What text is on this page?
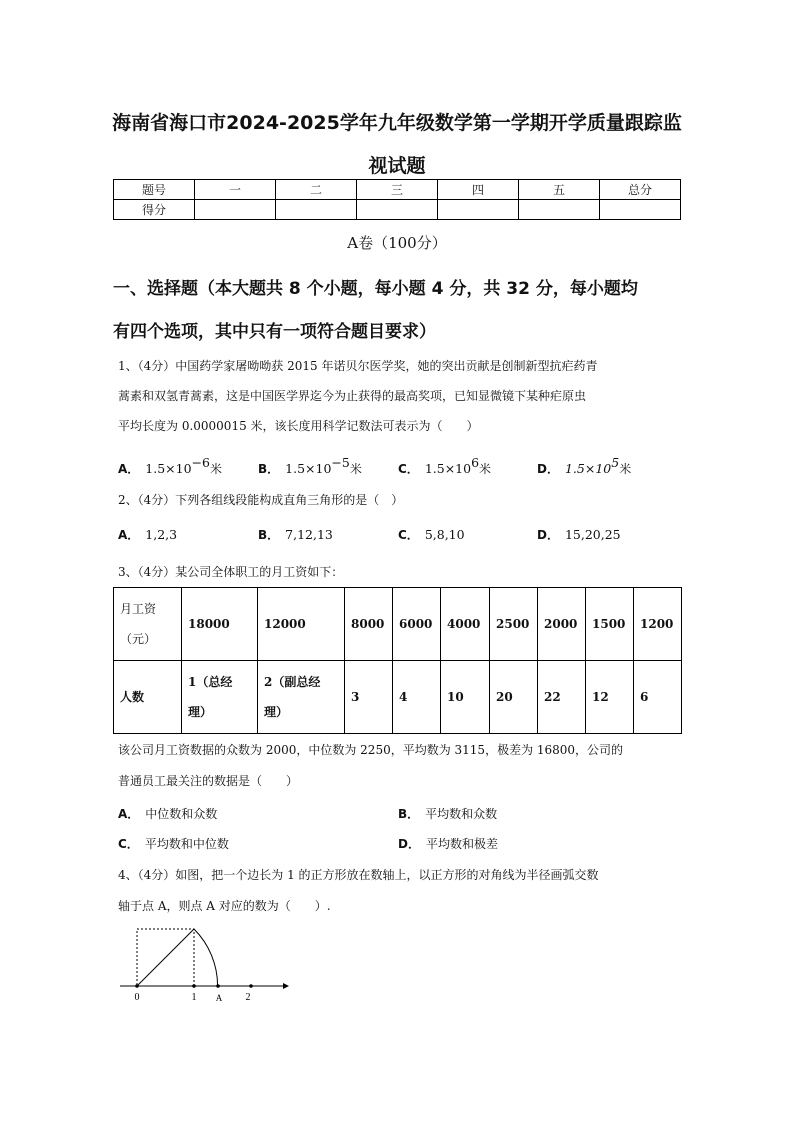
海南省海口市2024-2025学年九年级数学第一学期开学质量跟踪监
视试题
题号	一	二	三	四	五	总分
得分						
A卷（100分）
一、选择题（本大题共 8 个小题，每小题 4 分，共 32 分，每小题均
有四个选项，其中只有一项符合题目要求）
1、（4分）中国药学家屠呦呦获 2015 年诺贝尔医学奖，她的突出贡献是创制新型抗疟药青
蒿素和双氢青蒿素，这是中国医学界迄今为止获得的最高奖项，已知显微镜下某种疟原虫
平均长度为 0.0000015 米，该长度用科学记数法可表示为（　　）
A． $1.5\times 10^{-6}$米	B． $1.5\times 10^{-5}$米	C． $1.5\times 10^6$米	D． $1.5\times 10^5$米
2、（4分）下列各组线段能构成直角三角形的是（　）
A． 1,2,3	B． 7,12,13	C． 5,8,10	D． 15,20,25
3、（4分）某公司全体职工的月工资如下：
月工资
（元）	18000	12000	8000	6000	4000	2500	2000	1500	1200
人数	1（总经
理）	2（副总经
理）	3	4	10	20	22	12	6
该公司月工资数据的众数为 2000，中位数为 2250，平均数为 3115，极差为 16800，公司的
普通员工最关注的数据是（　　）
A． 中位数和众数	B． 平均数和众数
C． 平均数和中位数	D． 平均数和极差
4、（4分）如图，把一个边长为 1 的正方形放在数轴上，以正方形的对角线为半径画弧交数
轴于点 A，则点 A 对应的数为（　　）.
0	1 A 2
